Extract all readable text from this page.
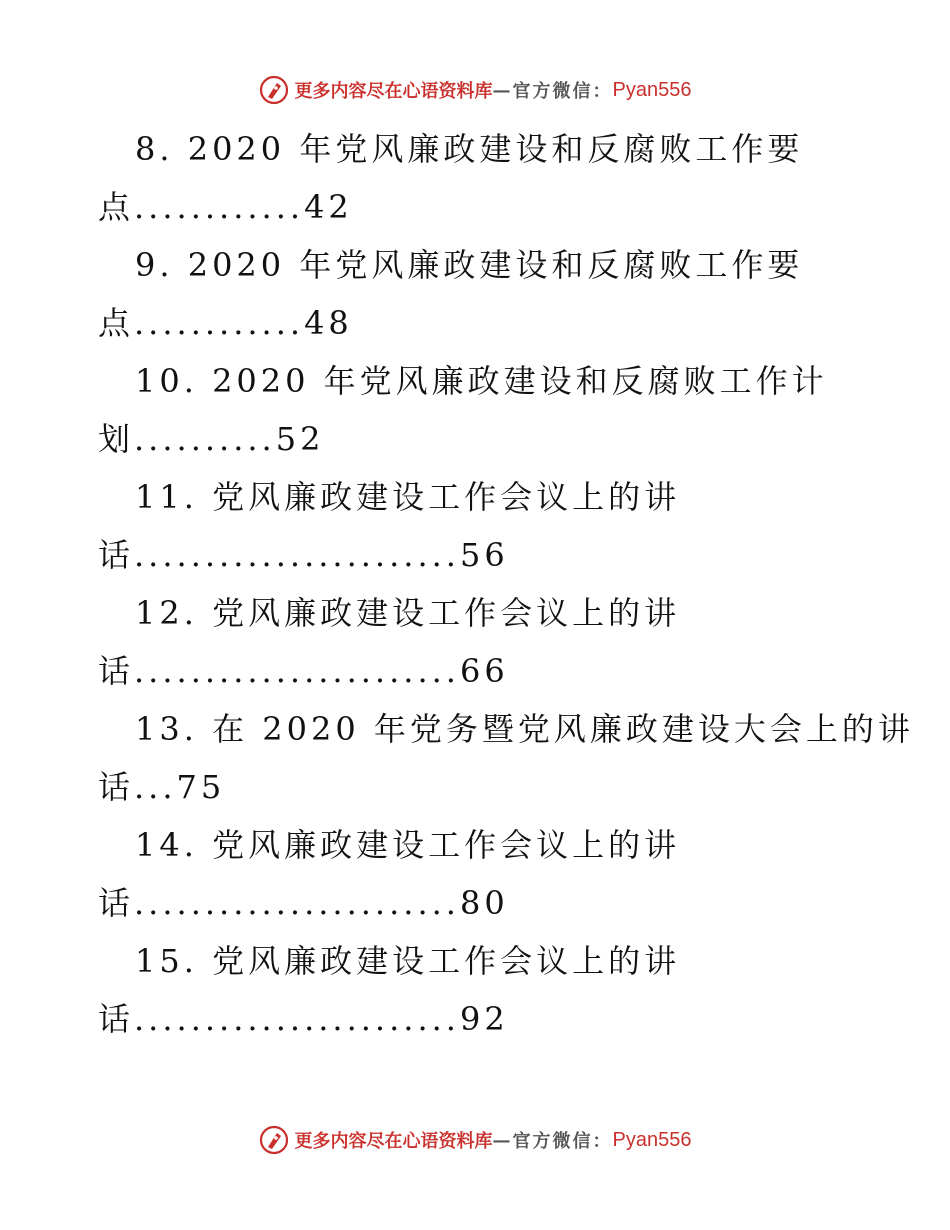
更多内容尽在心语资料库 — 官方微信： Pyan556
8. 2020 年党风廉政建设和反腐败工作要
点............42
9. 2020 年党风廉政建设和反腐败工作要
点............48
10. 2020 年党风廉政建设和反腐败工作计
划..........52
11. 党风廉政建设工作会议上的讲
话.......................56
12. 党风廉政建设工作会议上的讲
话.......................66
13. 在 2020 年党务暨党风廉政建设大会上的讲
话...75
14. 党风廉政建设工作会议上的讲
话.......................80
15. 党风廉政建设工作会议上的讲
话.......................92
更多内容尽在心语资料库 — 官方微信： Pyan556
